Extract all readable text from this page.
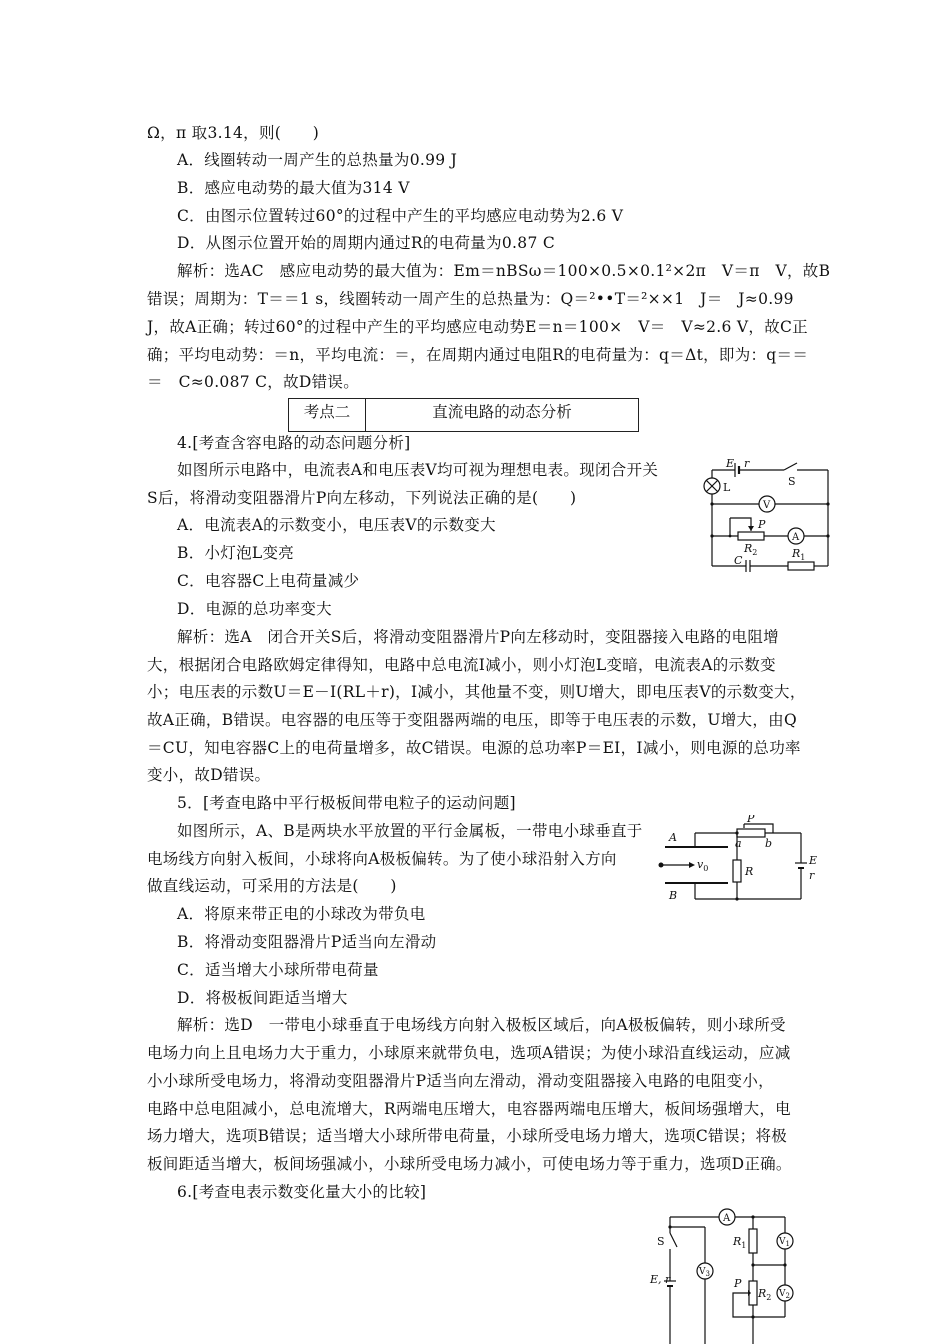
Ω，π 取3.14，则(　　)
A．线圈转动一周产生的总热量为0.99 J
B．感应电动势的最大值为314 V
C．由图示位置转过60°的过程中产生的平均感应电动势为2.6 V
D．从图示位置开始的周期内通过R的电荷量为0.87 C
解析：选AC　感应电动势的最大值为：Em＝nBSω＝100×0.5×0.1²×2π　V＝π　V，故B
错误；周期为：T＝＝1 s，线圈转动一周产生的总热量为：Q＝²••T＝²××1　J＝　J≈0.99
J，故A正确；转过60°的过程中产生的平均感应电动势E＝n＝100×　V＝　V≈2.6 V，故C正
确；平均电动势：＝n，平均电流：＝，在周期内通过电阻R的电荷量为：q＝Δt，即为：q＝＝
＝　C≈0.087 C，故D错误。
考点二	直流电路的动态分析
4.[考查含容电路的动态问题分析]
如图所示电路中，电流表A和电压表V均可视为理想电表。现闭合开关
S后，将滑动变阻器滑片P向左移动，下列说法正确的是(　　)
A．电流表A的示数变小，电压表V的示数变大
B．小灯泡L变亮
C．电容器C上电荷量减少
D．电源的总功率变大
解析：选A　闭合开关S后，将滑动变阻器滑片P向左移动时，变阻器接入电路的电阻增
大，根据闭合电路欧姆定律得知，电路中总电流I减小，则小灯泡L变暗，电流表A的示数变
小；电压表的示数U＝E－I(RL＋r)，I减小，其他量不变，则U增大，即电压表V的示数变大，
故A正确，B错误。电容器的电压等于变阻器两端的电压，即等于电压表的示数，U增大，由Q
＝CU，知电容器C上的电荷量增多，故C错误。电源的总功率P＝EI，I减小，则电源的总功率
变小，故D错误。
5．[考查电路中平行极板间带电粒子的运动问题]
如图所示，A、B是两块水平放置的平行金属板，一带电小球垂直于
电场线方向射入板间，小球将向A极板偏转。为了使小球沿射入方向
做直线运动，可采用的方法是(　　)
A．将原来带正电的小球改为带负电
B．将滑动变阻器滑片P适当向左滑动
C．适当增大小球所带电荷量
D．将极板间距适当增大
解析：选D　一带电小球垂直于电场线方向射入极板区域后，向A极板偏转，则小球所受
电场力向上且电场力大于重力，小球原来就带负电，选项A错误；为使小球沿直线运动，应减
小小球所受电场力，将滑动变阻器滑片P适当向左滑动，滑动变阻器接入电路的电阻变小，
电路中总电阻减小，总电流增大，R两端电压增大，电容器两端电压增大，板间场强增大，电
场力增大，选项B错误；适当增大小球所带电荷量，小球所受电场力增大，选项C错误；将极
板间距适当增大，板间场强减小，小球所受电场力减小，可使电场力等于重力，选项D正确。
6.[考查电表示数变化量大小的比较]
E r
S
L
V
P
$R_2$
A
$R_1$
C
P
a b
A
B
$v_0$	R
E
r
A
S
E, r
$V_3$
$R_1$	$V_1$
P
$R_2$ $V_2$
